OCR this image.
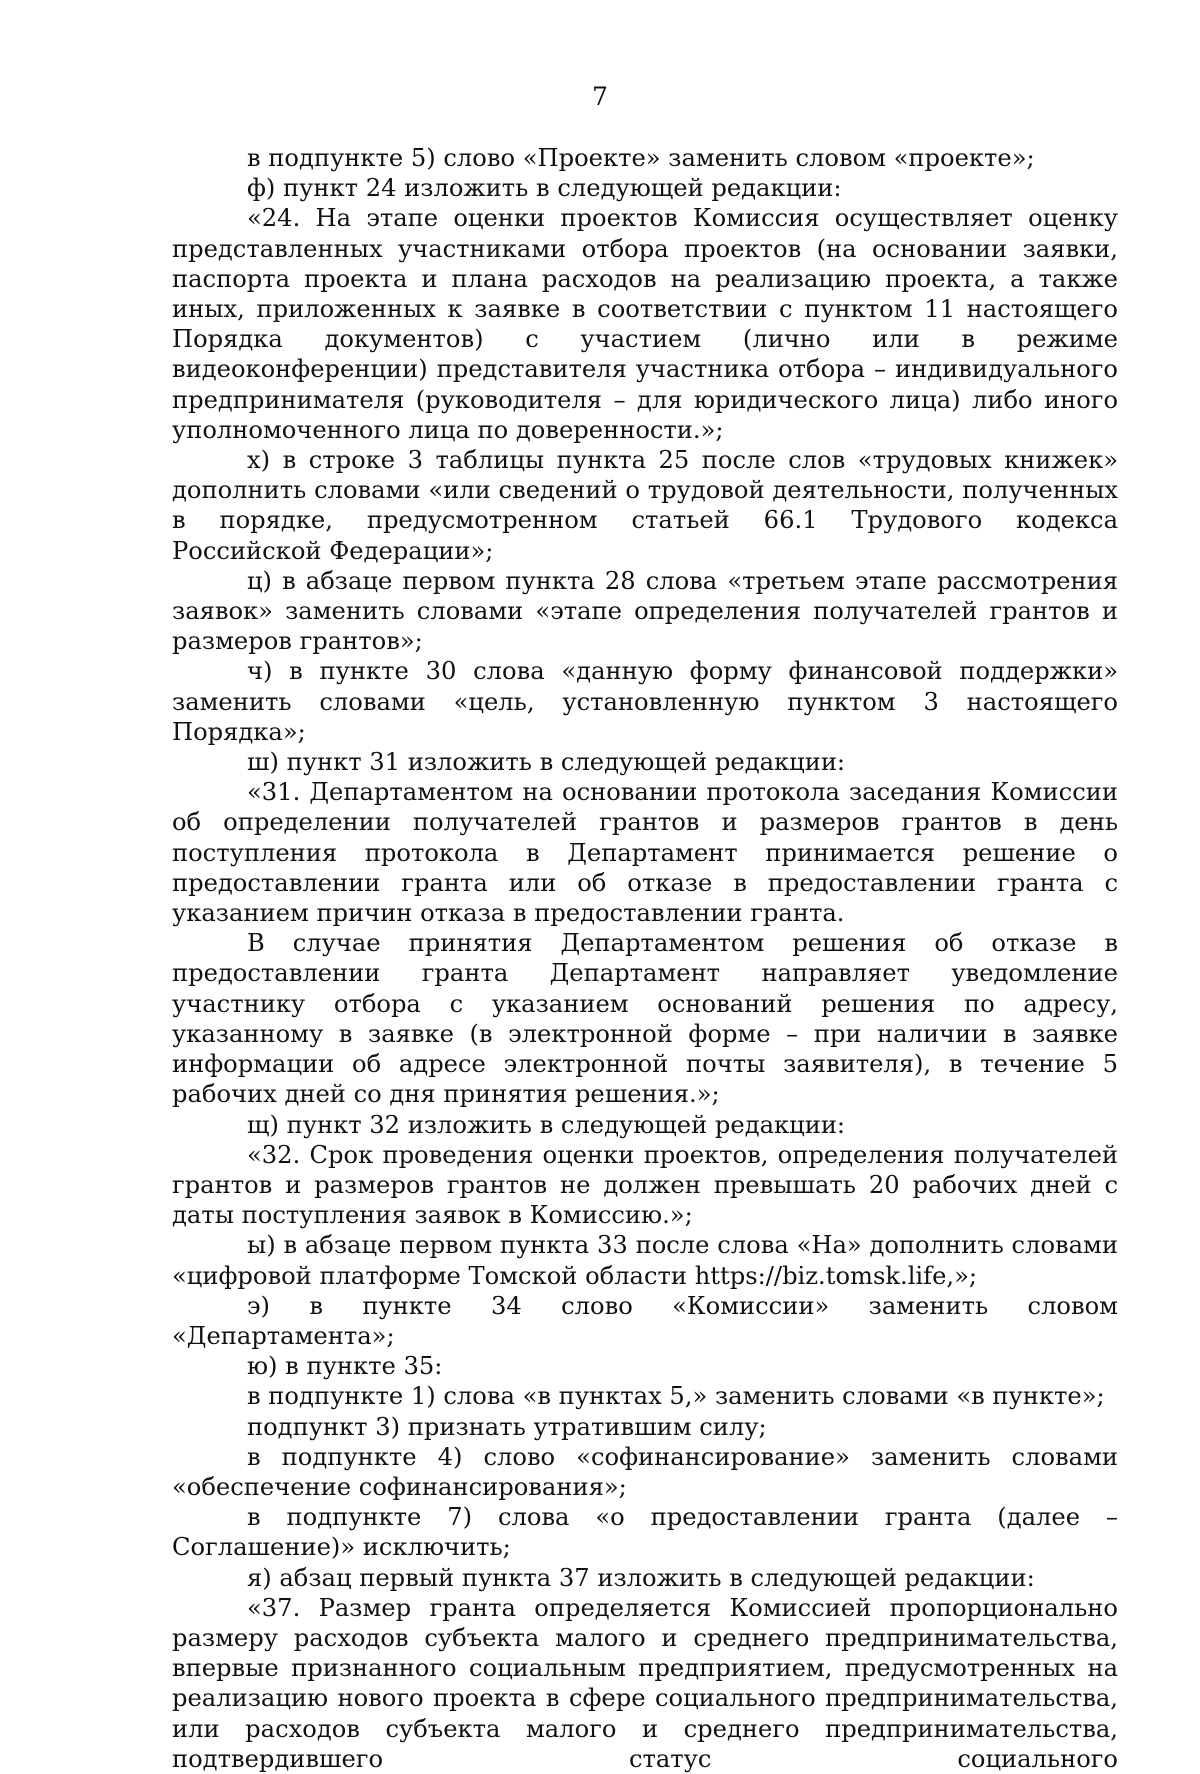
7

в подпункте 5) слово «Проекте» заменить словом «проекте»;

ф) пункт 24 изложить в следующей редакции:

«24. На этапе оценки проектов Комиссия осуществляет оценку представленных участниками отбора проектов (на основании заявки, паспорта проекта и плана расходов на реализацию проекта, а также иных, приложенных к заявке в соответствии с пунктом 11 настоящего Порядка документов) с участием (лично или в режиме видеоконференции) представителя участника отбора – индивидуального предпринимателя (руководителя – для юридического лица) либо иного уполномоченного лица по доверенности.»;

х) в строке 3 таблицы пункта 25 после слов «трудовых книжек» дополнить словами «или сведений о трудовой деятельности, полученных в порядке, предусмотренном статьей 66.1 Трудового кодекса Российской Федерации»;

ц) в абзаце первом пункта 28 слова «третьем этапе рассмотрения заявок» заменить словами «этапе определения получателей грантов и размеров грантов»;

ч) в пункте 30 слова «данную форму финансовой поддержки» заменить словами «цель, установленную пунктом 3 настоящего Порядка»;

ш) пункт 31 изложить в следующей редакции:

«31. Департаментом на основании протокола заседания Комиссии об определении получателей грантов и размеров грантов в день поступления протокола в Департамент принимается решение о предоставлении гранта или об отказе в предоставлении гранта с указанием причин отказа в предоставлении гранта.

В случае принятия Департаментом решения об отказе в предоставлении гранта Департамент направляет уведомление участнику отбора с указанием оснований решения по адресу, указанному в заявке (в электронной форме – при наличии в заявке информации об адресе электронной почты заявителя), в течение 5 рабочих дней со дня принятия решения.»;

щ) пункт 32 изложить в следующей редакции:

«32. Срок проведения оценки проектов, определения получателей грантов и размеров грантов не должен превышать 20 рабочих дней с даты поступления заявок в Комиссию.»;

ы) в абзаце первом пункта 33 после слова «На» дополнить словами «цифровой платформе Томской области https://biz.tomsk.life,»;

э) в пункте 34 слово «Комиссии» заменить словом «Департамента»;

ю) в пункте 35:

в подпункте 1) слова «в пунктах 5,» заменить словами «в пункте»;

подпункт 3) признать утратившим силу;

в подпункте 4) слово «софинансирование» заменить словами «обеспечение софинансирования»;

в подпункте 7) слова «о предоставлении гранта (далее – Соглашение)» исключить;

я) абзац первый пункта 37 изложить в следующей редакции:

«37. Размер гранта определяется Комиссией пропорционально размеру расходов субъекта малого и среднего предпринимательства, впервые признанного социальным предприятием, предусмотренных на реализацию нового проекта в сфере социального предпринимательства, или расходов субъекта малого и среднего предпринимательства, подтвердившего статус социального
